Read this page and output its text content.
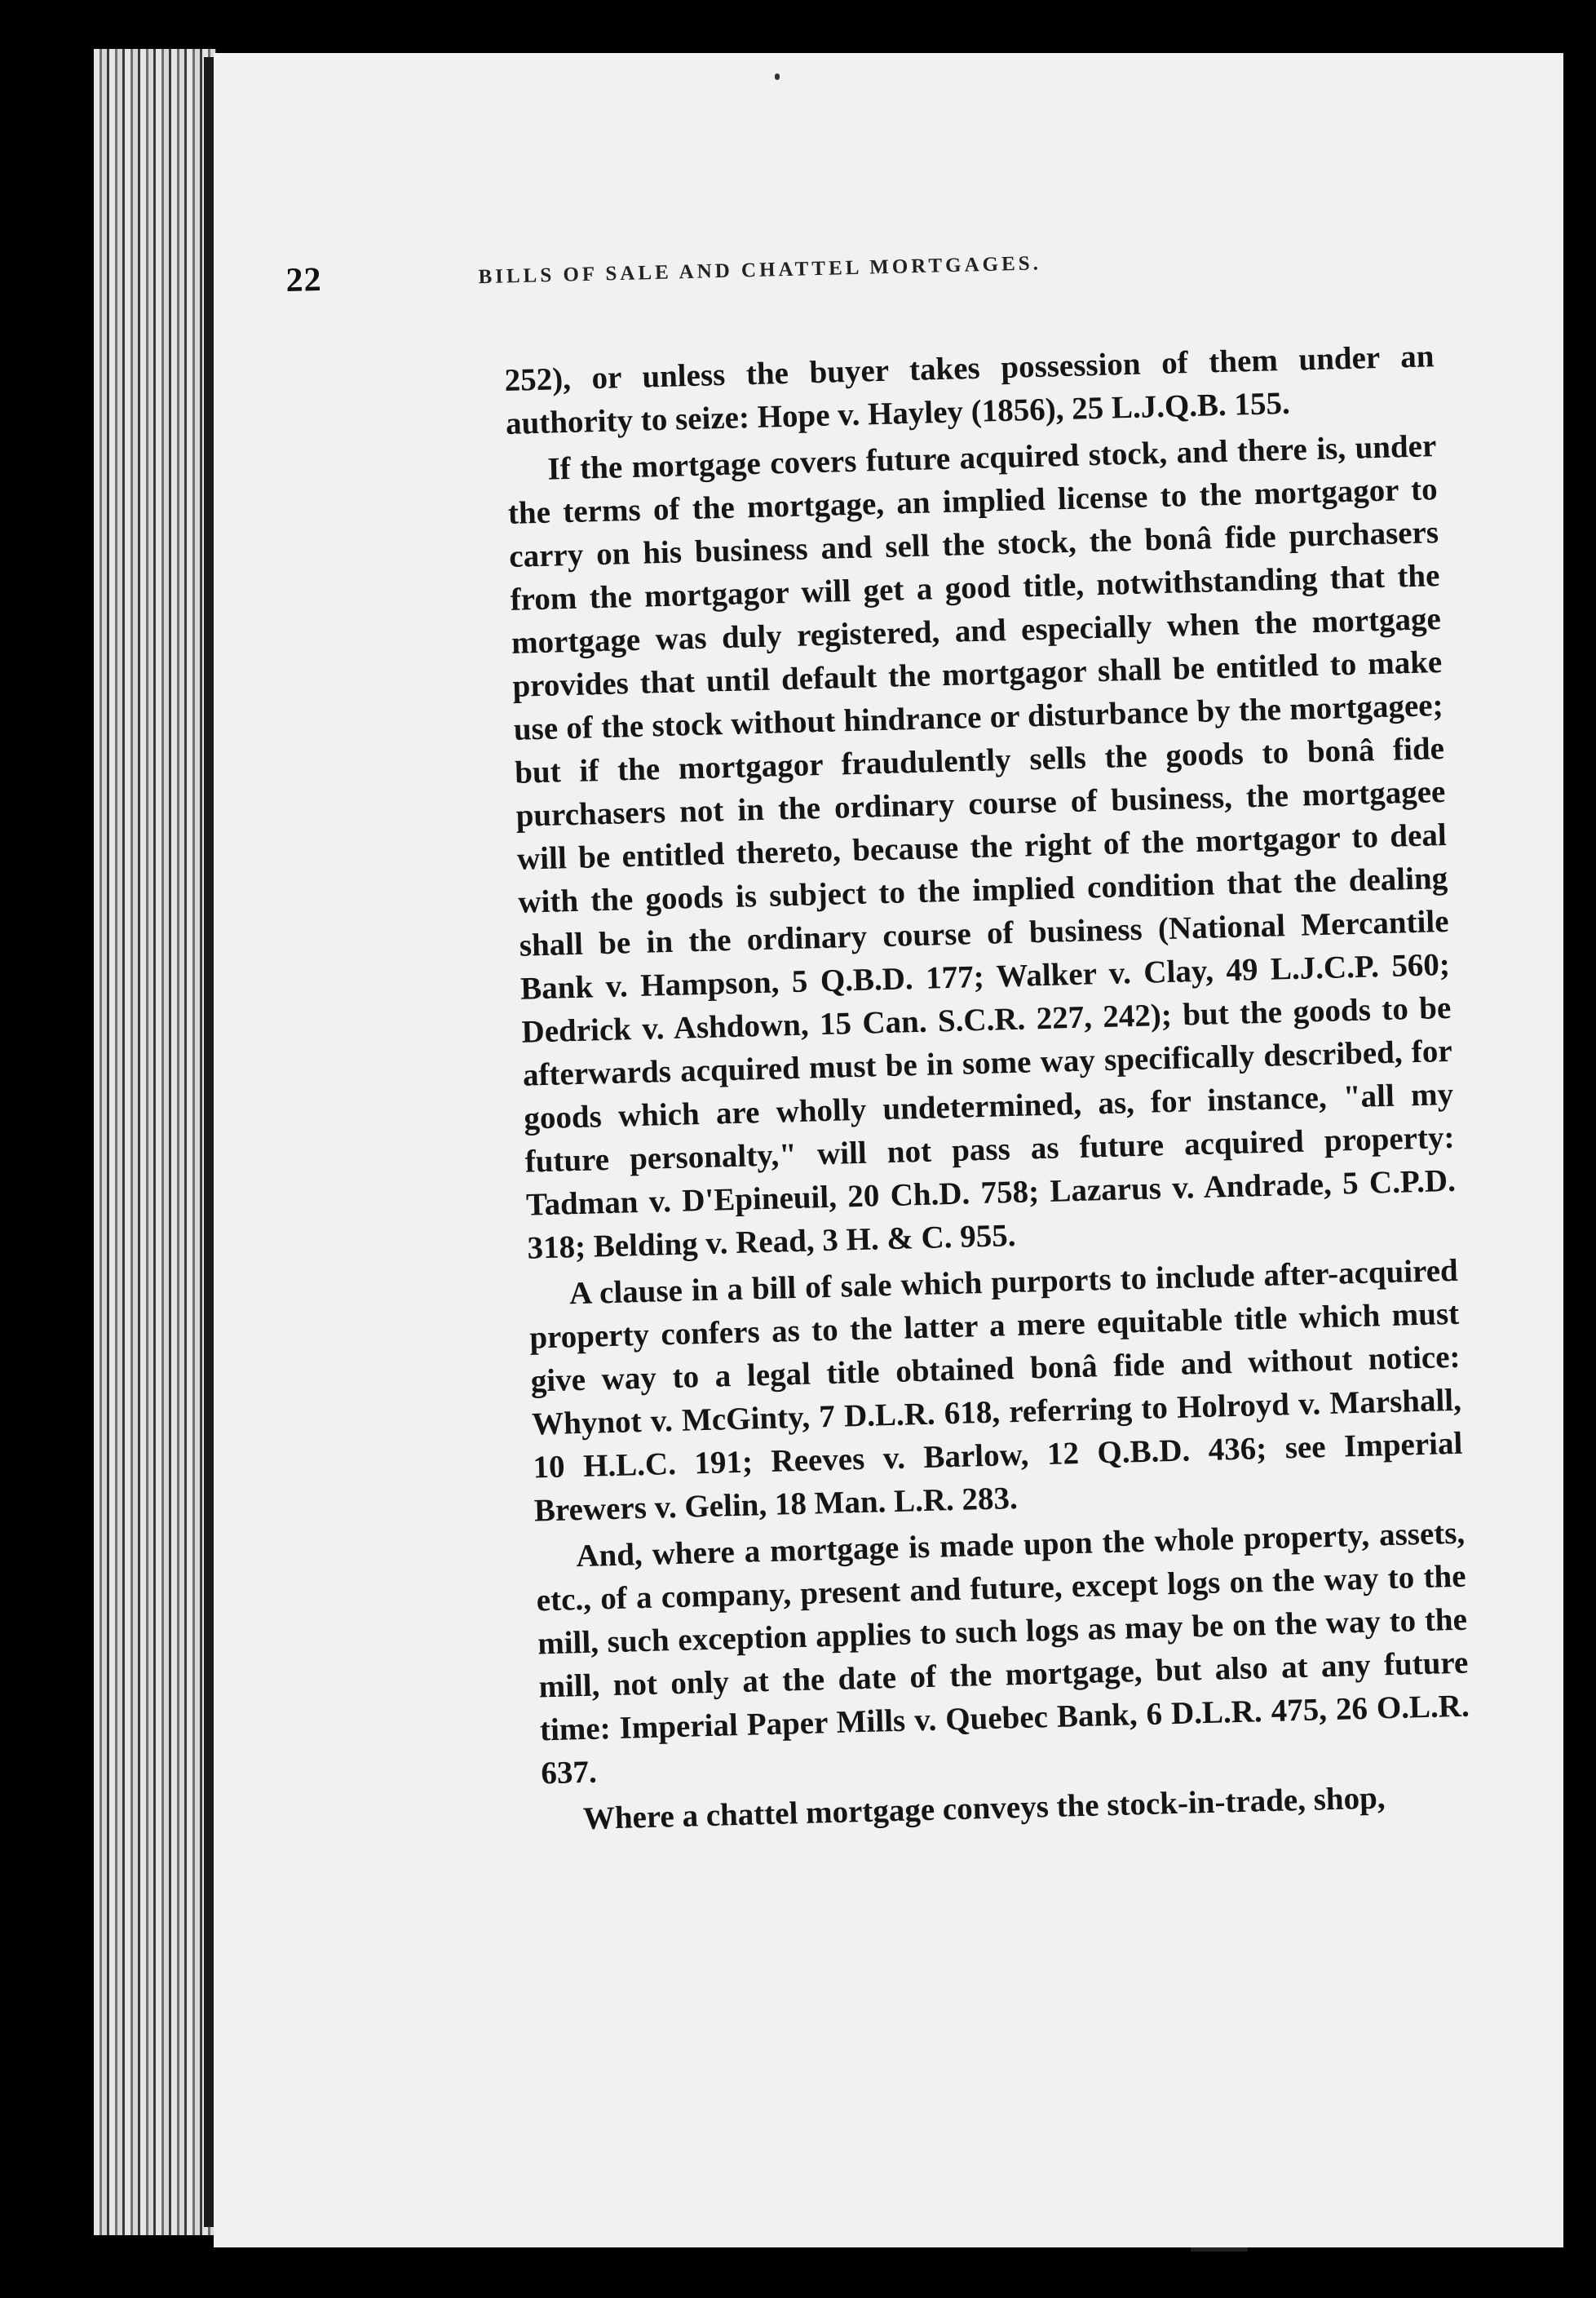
22	BILLS OF SALE AND CHATTEL MORTGAGES.

252), or unless the buyer takes possession of them under an authority to seize: Hope v. Hayley (1856), 25 L.J.Q.B. 155.

If the mortgage covers future acquired stock, and there is, under the terms of the mortgage, an implied license to the mortgagor to carry on his business and sell the stock, the bonâ fide purchasers from the mortgagor will get a good title, notwithstanding that the mortgage was duly registered, and especially when the mortgage provides that until default the mortgagor shall be entitled to make use of the stock without hindrance or disturbance by the mortgagee; but if the mortgagor fraudulently sells the goods to bonâ fide purchasers not in the ordinary course of business, the mortgagee will be entitled thereto, because the right of the mortgagor to deal with the goods is subject to the implied condition that the dealing shall be in the ordinary course of business (National Mercantile Bank v. Hampson, 5 Q.B.D. 177; Walker v. Clay, 49 L.J.C.P. 560; Dedrick v. Ashdown, 15 Can. S.C.R. 227, 242); but the goods to be afterwards acquired must be in some way specifically described, for goods which are wholly undetermined, as, for instance, "all my future personalty," will not pass as future acquired property: Tadman v. D'Epineuil, 20 Ch.D. 758; Lazarus v. Andrade, 5 C.P.D. 318; Belding v. Read, 3 H. & C. 955.

A clause in a bill of sale which purports to include after-acquired property confers as to the latter a mere equitable title which must give way to a legal title obtained bonâ fide and without notice: Whynot v. McGinty, 7 D.L.R. 618, referring to Holroyd v. Marshall, 10 H.L.C. 191; Reeves v. Barlow, 12 Q.B.D. 436; see Imperial Brewers v. Gelin, 18 Man. L.R. 283.

And, where a mortgage is made upon the whole property, assets, etc., of a company, present and future, except logs on the way to the mill, such exception applies to such logs as may be on the way to the mill, not only at the date of the mortgage, but also at any future time: Imperial Paper Mills v. Quebec Bank, 6 D.L.R. 475, 26 O.L.R. 637.

Where a chattel mortgage conveys the stock-in-trade, shop,
